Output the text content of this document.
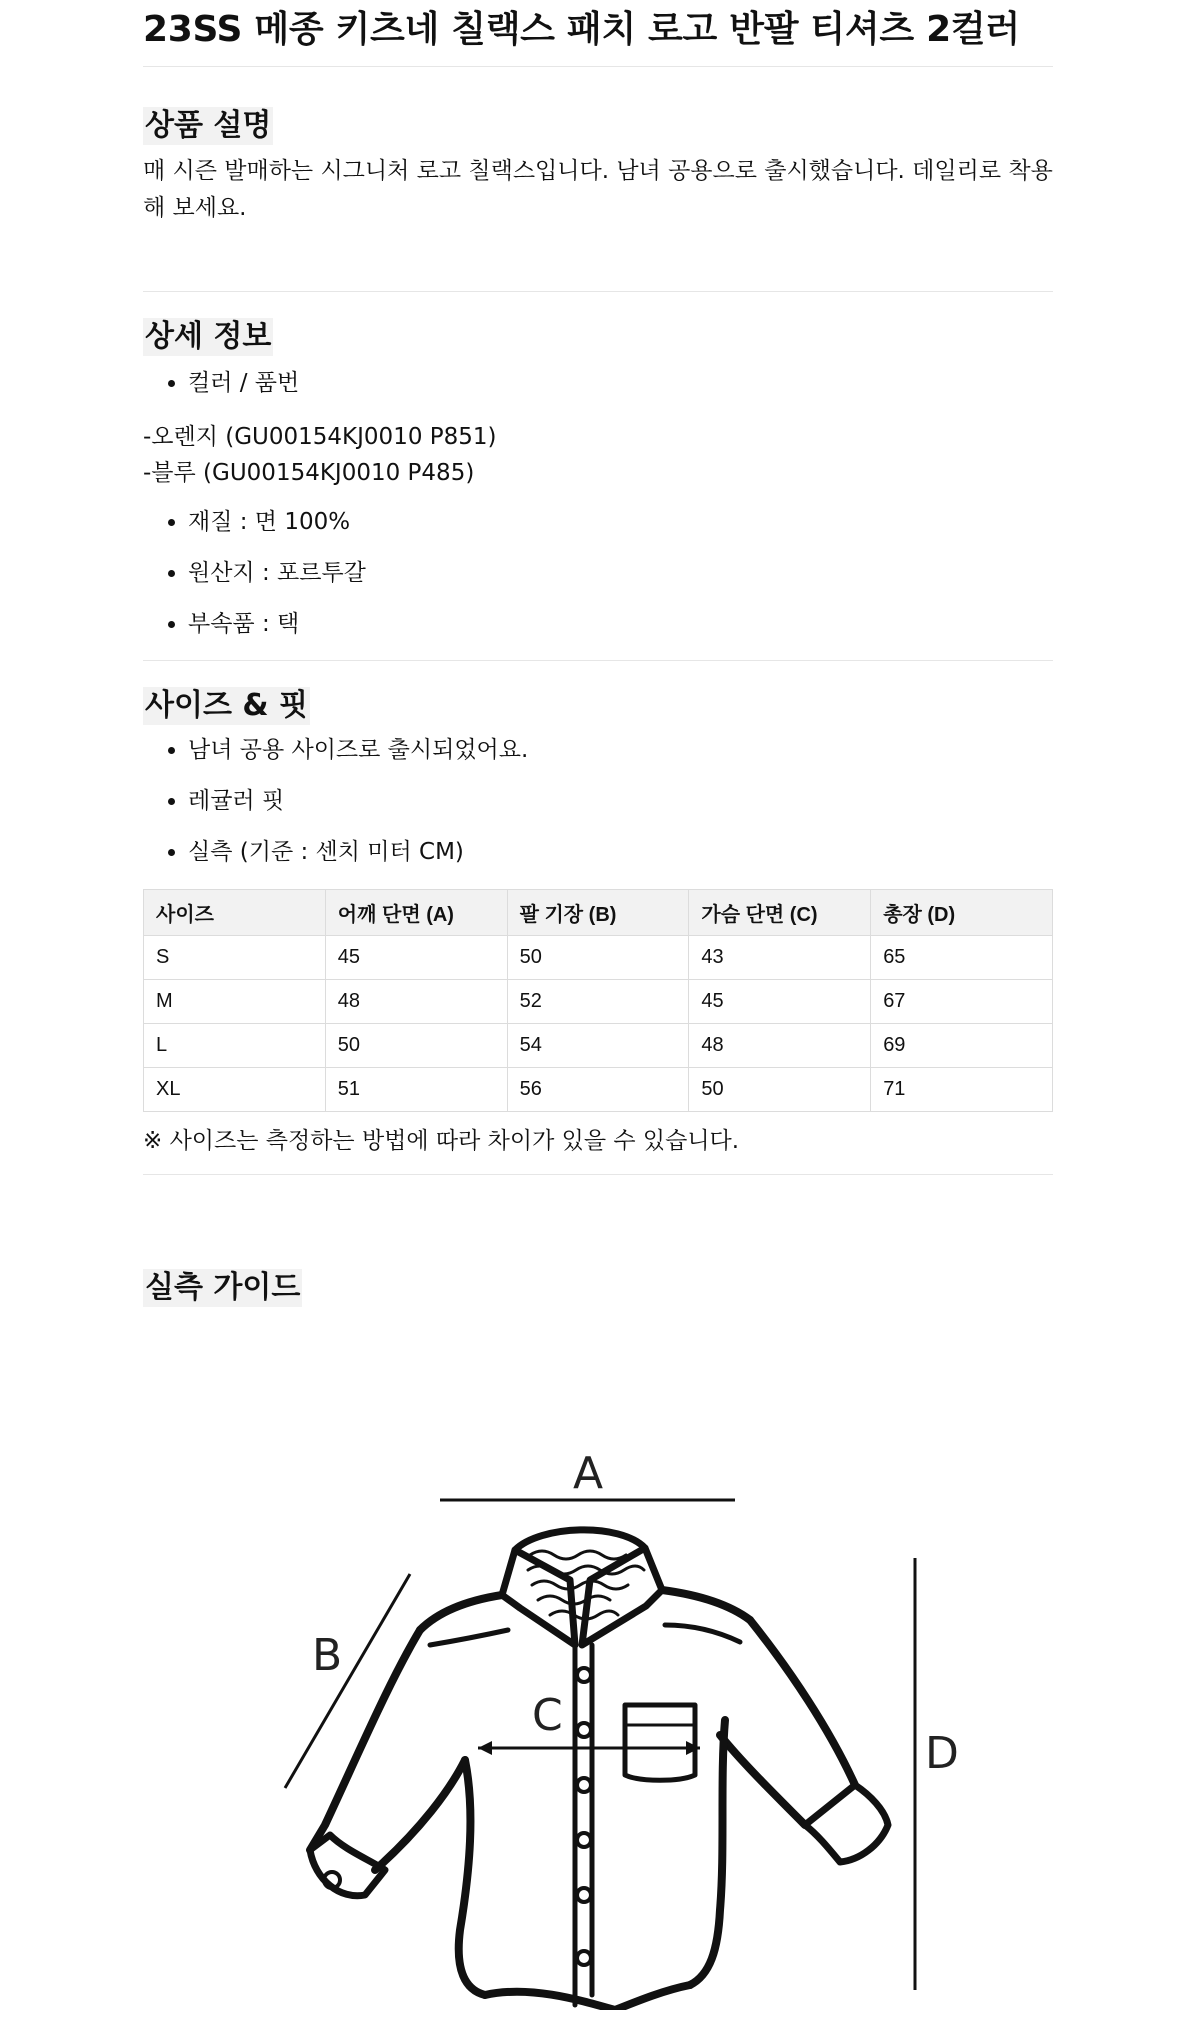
23SS 메종 키츠네 칠랙스 패치 로고 반팔 티셔츠 2컬러
상품 설명

매 시즌 발매하는 시그니처 로고 칠랙스입니다. 남녀 공용으로 출시했습니다. 데일리로 착용해 보세요.

상세 정보
• 컬러 / 품번

-오렌지 (GU00154KJ0010 P851)

-블루 (GU00154KJ0010 P485)

• 재질 : 면 100%
• 원산지 : 포르투갈
• 부속품 : 택
사이즈 & 핏
• 남녀 공용 사이즈로 출시되었어요.
• 레귤러 핏
• 실측 (기준 : 센치 미터 CM)
사이즈	어깨 단면 (A)	팔 기장 (B)	가슴 단면 (C)	총장 (D)
S	45	50	43	65
M	48	52	45	67
L	50	54	48	69
XL	51	56	50	71

※ 사이즈는 측정하는 방법에 따라 차이가 있을 수 있습니다.

실측 가이드
A
B
C
D
